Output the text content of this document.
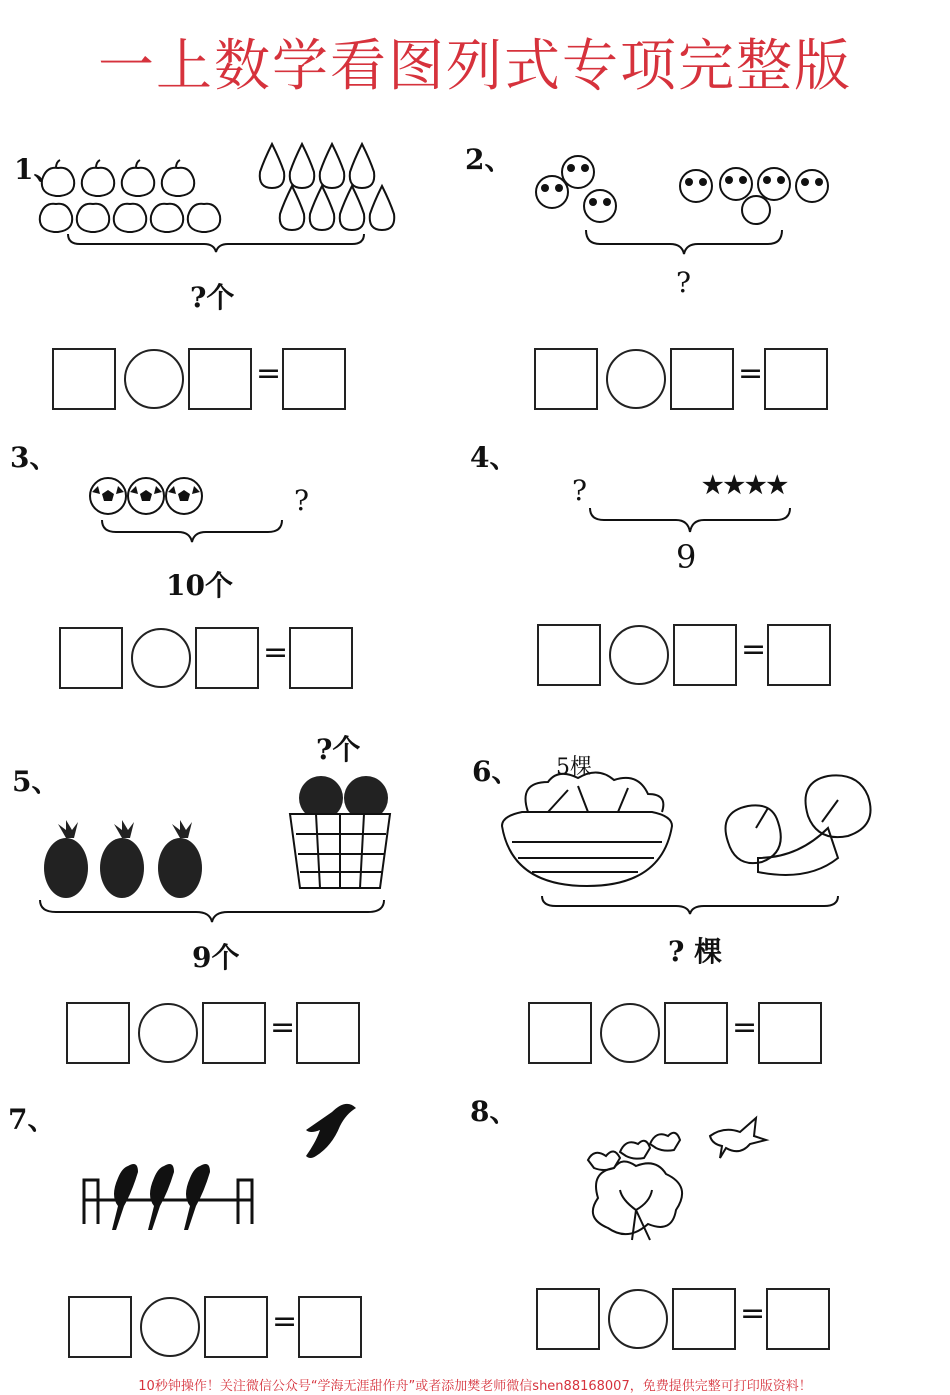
一上数学看图列式专项完整版
1、
?个
=
2、
?
=
3、
?
10个
=
4、
?	★★★★
9
=
5、
?个
9个
=
6、 5棵
? 棵
=
7、
=
8、
=
10秒钟操作！关注微信公众号“学海无涯甜作舟”或者添加樊老师微信shen88168007，免费提供完整可打印版资料！
